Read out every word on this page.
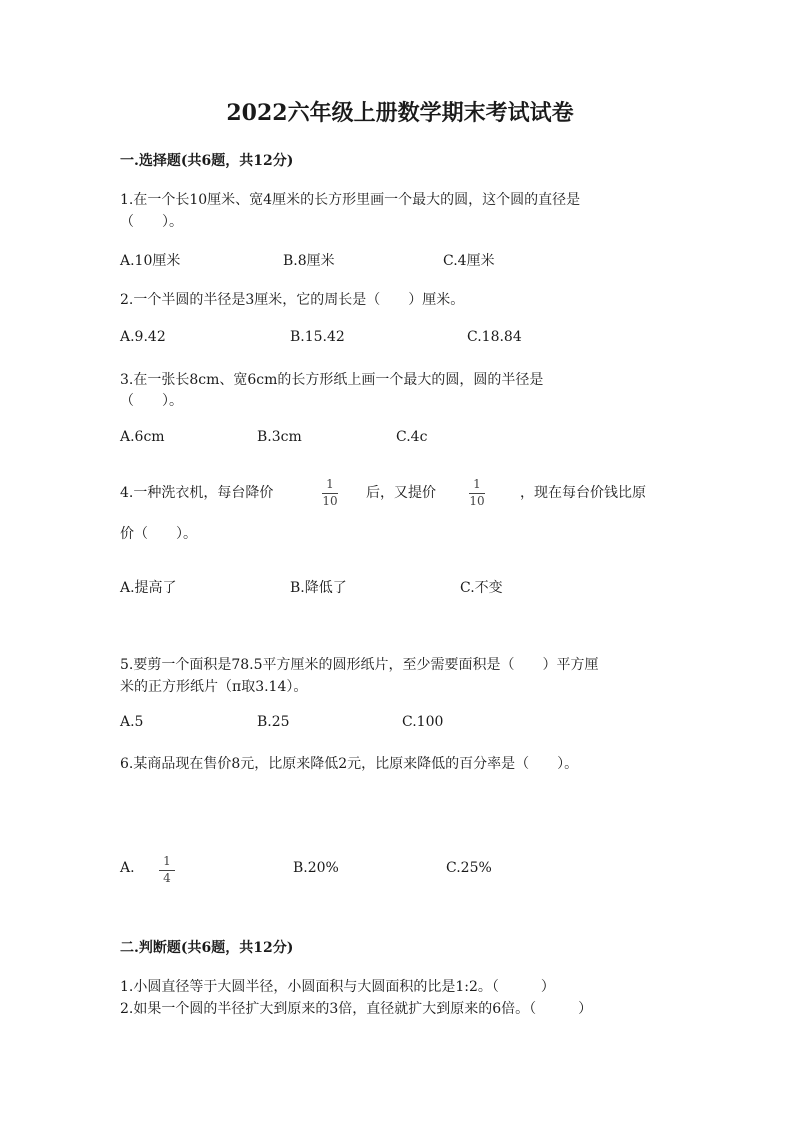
2022六年级上册数学期末考试试卷
一.选择题(共6题，共12分)
1.在一个长10厘米、宽4厘米的长方形里画一个最大的圆，这个圆的直径是
（　　）。
A.10厘米	B.8厘米	C.4厘米
2.一个半圆的半径是3厘米，它的周长是（　　）厘米。
A.9.42	B.15.42	C.18.84
3.在一张长8cm、宽6cm的长方形纸上画一个最大的圆，圆的半径是
（　　）。
A.6cm	B.3cm	C.4c
4.一种洗衣机，每台降价
1
10 后，又提价
1
10	，现在每台价钱比原
价（　　）。
A.提高了	B.降低了	C.不变
5.要剪一个面积是78.5平方厘米的圆形纸片，至少需要面积是（　　）平方厘
米的正方形纸片（π取3.14）。
A.5	B.25	C.100
6.某商品现在售价8元，比原来降低2元，比原来降低的百分率是（　　）。
A. 1
4
B.20%	C.25%
二.判断题(共6题，共12分)
1.小圆直径等于大圆半径，小圆面积与大圆面积的比是1:2。（　　　）
2.如果一个圆的半径扩大到原来的3倍，直径就扩大到原来的6倍。（　　　）
